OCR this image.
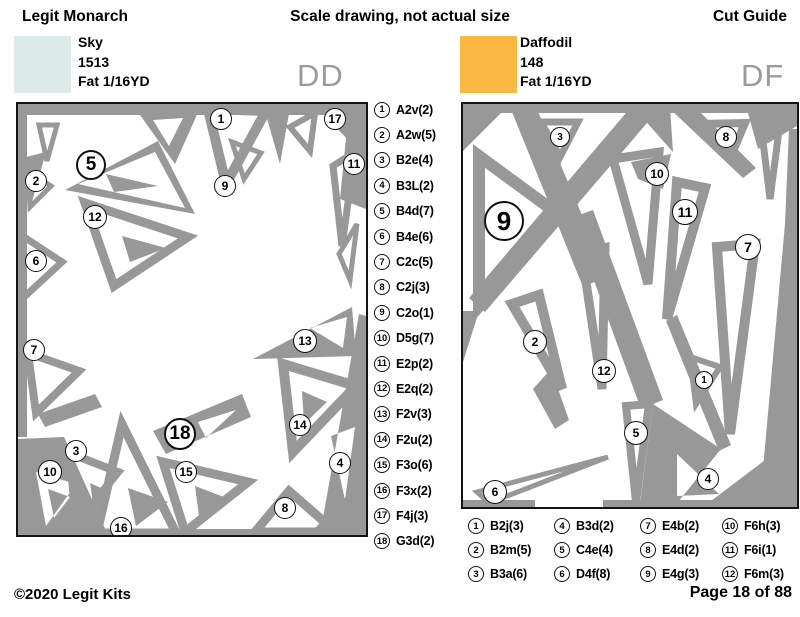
Legit Monarch	Scale drawing, not actual size	Cut Guide
Sky
1513
Fat 1/16YD	DD
Daffodil
148
Fat 1/16YD	DF
1
2
3
4
5
6
7
8
9
10
11
12
13
14
15
16
17
18
1 A2v(2)
2 A2w(5)
3 B2e(4)
4 B3L(2)
5 B4d(7)
6 B4e(6)
7 C2c(5)
8 C2j(3)
9 C2o(1)
10 D5g(7)
11 E2p(2)
12 E2q(2)
13 F2v(3)
14 F2u(2)
15 F3o(6)
16 F3x(2)
17 F4j(3)
18 G3d(2)
1
2
3
4
5
6
7
8
9
10
11
12
1 B2j(3)
2 B2m(5)
3 B3a(6)
4 B3d(2)
5 C4e(4)
6 D4f(8)
7 E4b(2)
8 E4d(2)
9 E4g(3)
10 F6h(3)
11 F6i(1)
12 F6m(3)
©2020 Legit Kits	Page 18 of 88
